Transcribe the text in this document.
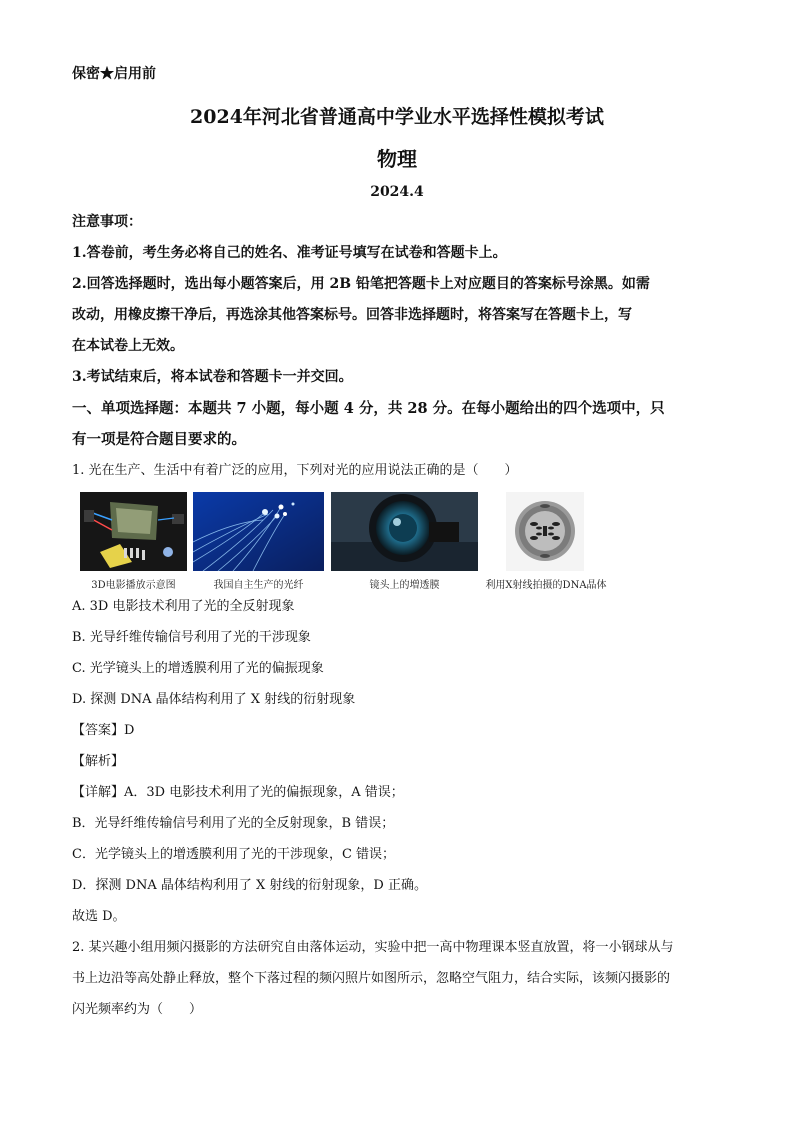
保密★启用前
2024年河北省普通高中学业水平选择性模拟考试
物理
2024.4
注意事项：
1.答卷前，考生务必将自己的姓名、准考证号填写在试卷和答题卡上。
2.回答选择题时，选出每小题答案后，用 2B 铅笔把答题卡上对应题目的答案标号涂黑。如需
改动，用橡皮擦干净后，再选涂其他答案标号。回答非选择题时，将答案写在答题卡上，写
在本试卷上无效。
3.考试结束后，将本试卷和答题卡一并交回。
一、单项选择题：本题共 7 小题，每小题 4 分，共 28 分。在每小题给出的四个选项中，只
有一项是符合题目要求的。
1. 光在生产、生活中有着广泛的应用，下列对光的应用说法正确的是（　　）
3D电影播放示意图	我国自主生产的光纤	镜头上的増透膜	利用X射线拍摄的DNA晶体
A. 3D 电影技术利用了光的全反射现象
B. 光导纤维传输信号利用了光的干涉现象
C. 光学镜头上的增透膜利用了光的偏振现象
D. 探测 DNA 晶体结构利用了 X 射线的衍射现象
【答案】D
【解析】
【详解】A．3D 电影技术利用了光的偏振现象，A 错误；
B．光导纤维传输信号利用了光的全反射现象，B 错误；
C．光学镜头上的增透膜利用了光的干涉现象，C 错误；
D．探测 DNA 晶体结构利用了 X 射线的衍射现象，D 正确。
故选 D。
2. 某兴趣小组用频闪摄影的方法研究自由落体运动，实验中把一高中物理课本竖直放置，将一小钢球从与
书上边沿等高处静止释放，整个下落过程的频闪照片如图所示，忽略空气阻力，结合实际，该频闪摄影的
闪光频率约为（　　）
